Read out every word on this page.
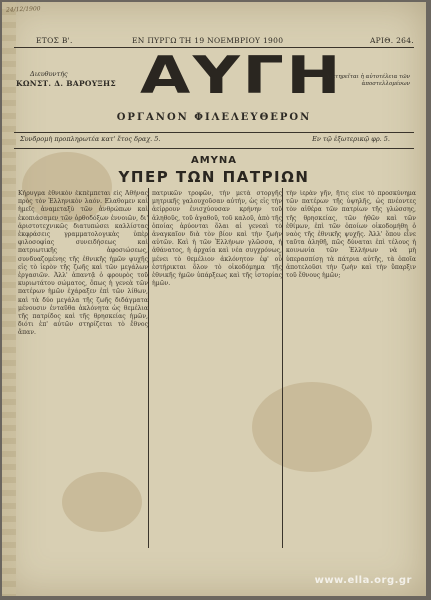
24/12/1900
ΕΤΟΣ Β'.	ΕΝ ΠΥΡΓΩ ΤΗ 19 ΝΟΕΜΒΡΙΟΥ 1900	ΑΡΙΘ. 264.
Διευθυντής
ΚΩΝΣΤ. Δ. ΒΑΡΟΥΞΗΣ ΑΥΓΗ
Διατηρεῖται ἡ αὐτοτέλεια τῶν ἀποστελλομένων
ΟΡΓΑΝΟΝ ΦΙΛΕΛΕΥΘΕΡΟΝ
Συνδρομὴ προπληρωτέα κατ' ἔτος δραχ. 5.	Εν τῷ ἐξωτερικῷ φρ. 5.
ΑΜΥΝΑ
ΥΠΕΡ ΤΩΝ ΠΑΤΡΙΩΝ
Κήρυγμα ἐθνικὸν ἐκπέμπεται εἰς Ἀθήνας πρὸς τὸν Ἑλληνικὸν λαόν. Ελαθομεν καὶ ἡμεῖς ἀναμεταξὺ τῶν ἀνθρώπων καὶ ἐκοπιάσαμεν τῶν ὀρθοδόξων ἐννοιῶν, δι' ἀριστοτεχνικῶς διατυπώσει καλλίστας ἐκφράσεις γραμματολογικὰς ὑπὲρ φιλοσοφίας συνειδήσεως καὶ πατριωτικῆς ἀφοσιώσεως, συνδυαζομένης τῆς ἐθνικῆς ἡμῶν ψυχῆς εἰς τὸ ἱερὸν τῆς ζωῆς καὶ τῶν μεγάλων ἐργασιῶν. Ἀλλ' ἀπαντᾷ ὁ φρουρὸς τοῦ κυριωτάτου σώματος, ὅπως ἡ γενεὰ τῶν πατέρων ἡμῶν ἐχάραξεν ἐπὶ τῶν λίθων, καὶ τὰ δύο μεγάλα τῆς ζωῆς διδάγματα μένουσιν ἐνταῦθα ἀκλόνητα ὡς θεμέλια τῆς πατρίδος καὶ τῆς θρησκείας ἡμῶν, διότι ἐπ' αὐτῶν στηρίζεται τὸ ἔθνος ἅπαν.
πατρικῶν τροφῶν, τὴν μετὰ στοργῆς μητρικῆς γαλουχοῦσαν αὐτήν, ὡς εἰς τὴν ἀείρρουν ἐνισχύουσαν κρήνην τοῦ ἀληθοῦς, τοῦ ἀγαθοῦ, τοῦ καλοῦ, ἀπὸ τῆς ὁποίας ἀρύονται ὅλαι αἱ γενεαὶ τὸ ἀναγκαῖον διὰ τὸν βίον καὶ τὴν ζωὴν αὐτῶν. Καὶ ἡ τῶν Ἑλλήνων γλῶσσα, ἡ ἀθάνατος, ἡ ἀρχαία καὶ νέα συγχρόνως, μένει τὸ θεμέλιον ἀκλόνητον ἐφ' οὗ ἐστήρικται ὅλον τὸ οἰκοδόμημα τῆς ἐθνικῆς ἡμῶν ὑπάρξεως καὶ τῆς ἱστορίας ἡμῶν.
τὴν ἱερὰν γῆν, ἥτις εἶνε τὸ προσκύνημα τῶν πατέρων τῆς ὑψηλῆς, ὡς πνέοντες τὸν αἰθέρα τῶν πατρίων τῆς γλώσσης, τῆς θρησκείας, τῶν ἠθῶν καὶ τῶν ἐθίμων, ἐπὶ τῶν ὁποίων οἰκοδομήθη ὁ ναὸς τῆς ἐθνικῆς ψυχῆς. Ἀλλ' ὅπου εἶνε ταῦτα ἀληθῆ, πῶς δύναται ἐπὶ τέλους ἡ κοινωνία τῶν Ἑλλήνων νὰ μὴ ὑπερασπίσῃ τὰ πάτρια αὐτῆς, τὰ ὁποῖα ἀποτελοῦσι τὴν ζωὴν καὶ τὴν ὕπαρξιν τοῦ ἔθνους ἡμῶν;
www.ella.org.gr
